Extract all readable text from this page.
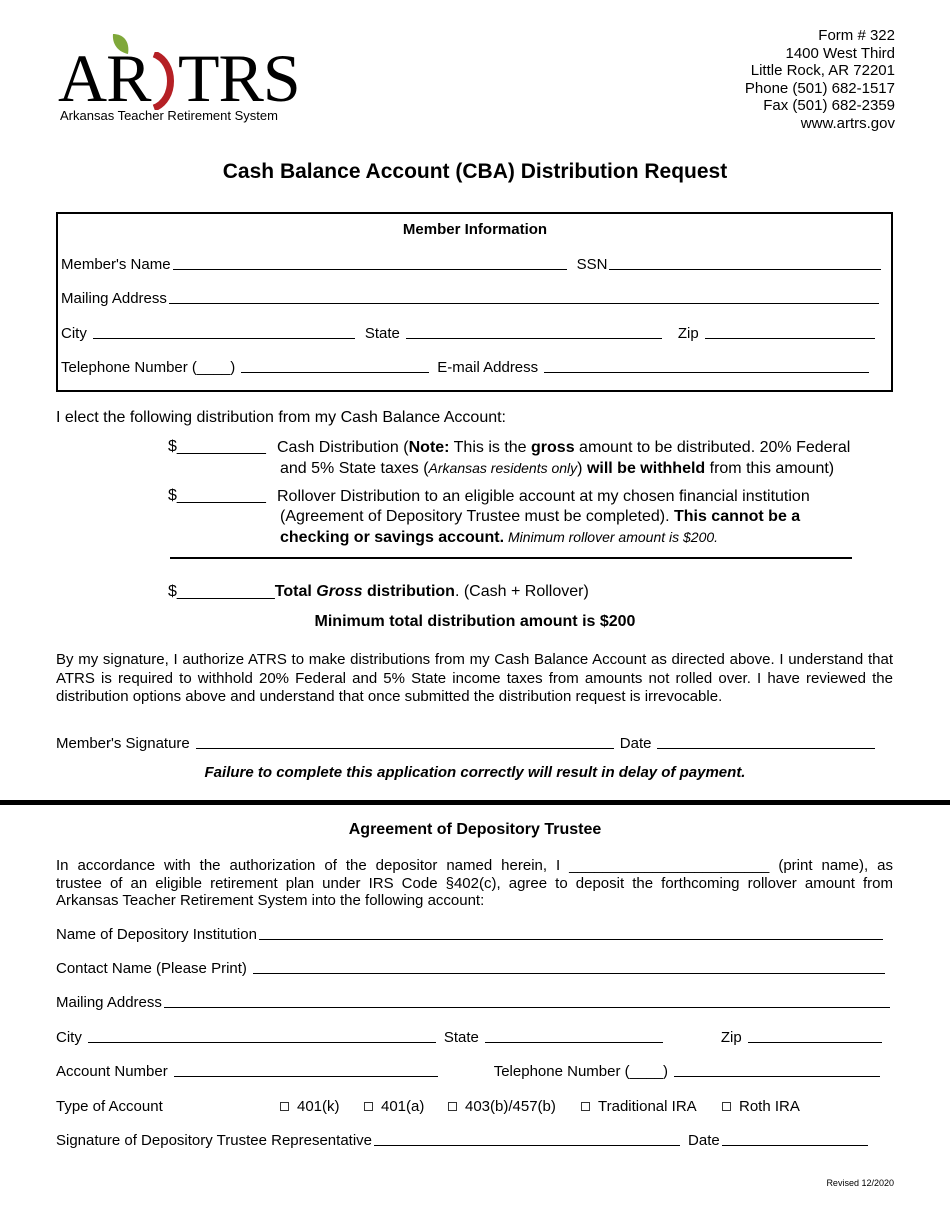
AR TRS
Arkansas Teacher Retirement System
Form # 322
1400 West Third
Little Rock, AR 72201
Phone (501) 682-1517
Fax (501) 682-2359
www.artrs.gov
Cash Balance Account (CBA) Distribution Request
Member Information
Member's Name	SSN
Mailing Address
City	State	Zip
Telephone Number (____)	E-mail Address
I elect the following distribution from my Cash Balance Account:
$__________ Cash Distribution (Note: This is the gross amount to be distributed. 20% Federal
and 5% State taxes (Arkansas residents only) will be withheld from this amount)
$__________ Rollover Distribution to an eligible account at my chosen financial institution
(Agreement of Depository Trustee must be completed). This cannot be a
checking or savings account. Minimum rollover amount is $200.
$___________Total Gross distribution. (Cash + Rollover)
Minimum total distribution amount is $200
By my signature, I authorize ATRS to make distributions from my Cash Balance Account as directed above. I understand that ATRS is required to withhold 20% Federal and 5% State income taxes from amounts not rolled over. I have reviewed the distribution options above and understand that once submitted the distribution request is irrevocable.
Member's Signature	Date
Failure to complete this application correctly will result in delay of payment.
Agreement of Depository Trustee
In accordance with the authorization of the depositor named herein, I ________________________ (print name), as
trustee of an eligible retirement plan under IRS Code §402(c), agree to deposit the forthcoming rollover amount from
Arkansas Teacher Retirement System into the following account:
Name of Depository Institution
Contact Name (Please Print)
Mailing Address
City	State	Zip
Account Number	Telephone Number (____)
Type of Account	401(k)	401(a)	403(b)/457(b)	Traditional IRA	Roth IRA
Signature of Depository Trustee Representative	Date
Revised 12/2020
